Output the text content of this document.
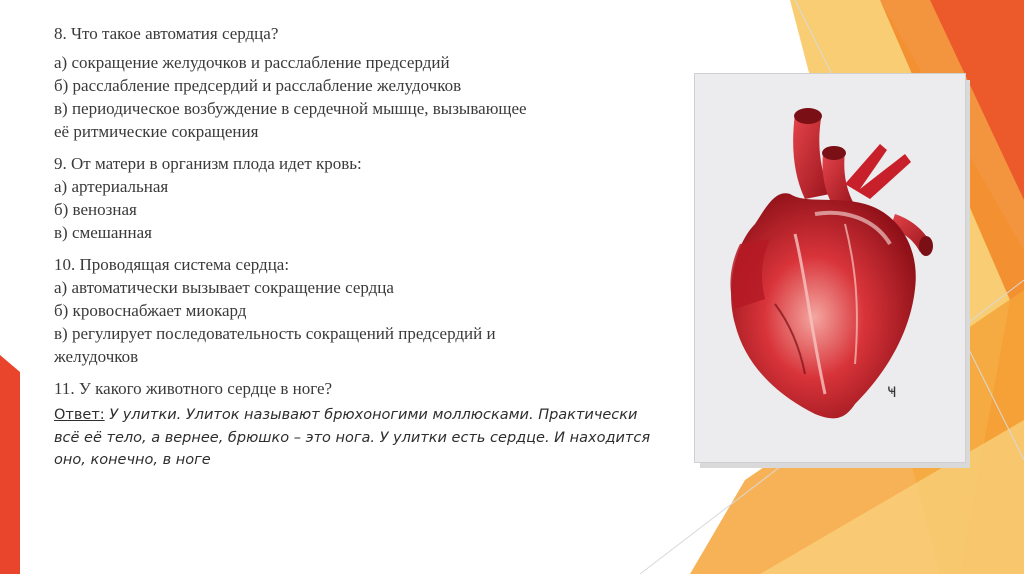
8. Что такое автоматия сердца?

а) сокращение желудочков и расслабление предсердий

б) расслабление предсердий и расслабление желудочков

в) периодическое возбуждение в сердечной мышце, вызывающее

её ритмические сокращения

9. От матери в организм плода идет кровь:

а) артериальная

б) венозная

в) смешанная

10. Проводящая система сердца:

а) автоматически вызывает сокращение сердца

б) кровоснабжает миокард

в) регулирует последовательность сокращений предсердий и

желудочков

11. У какого животного сердце в ноге?

Ответ: У улитки. Улиток называют брюхоногими моллюсками. Практически всё её тело, а вернее, брюшко – это нога. У улитки есть сердце. И находится оно, конечно, в ноге
Ҹ
